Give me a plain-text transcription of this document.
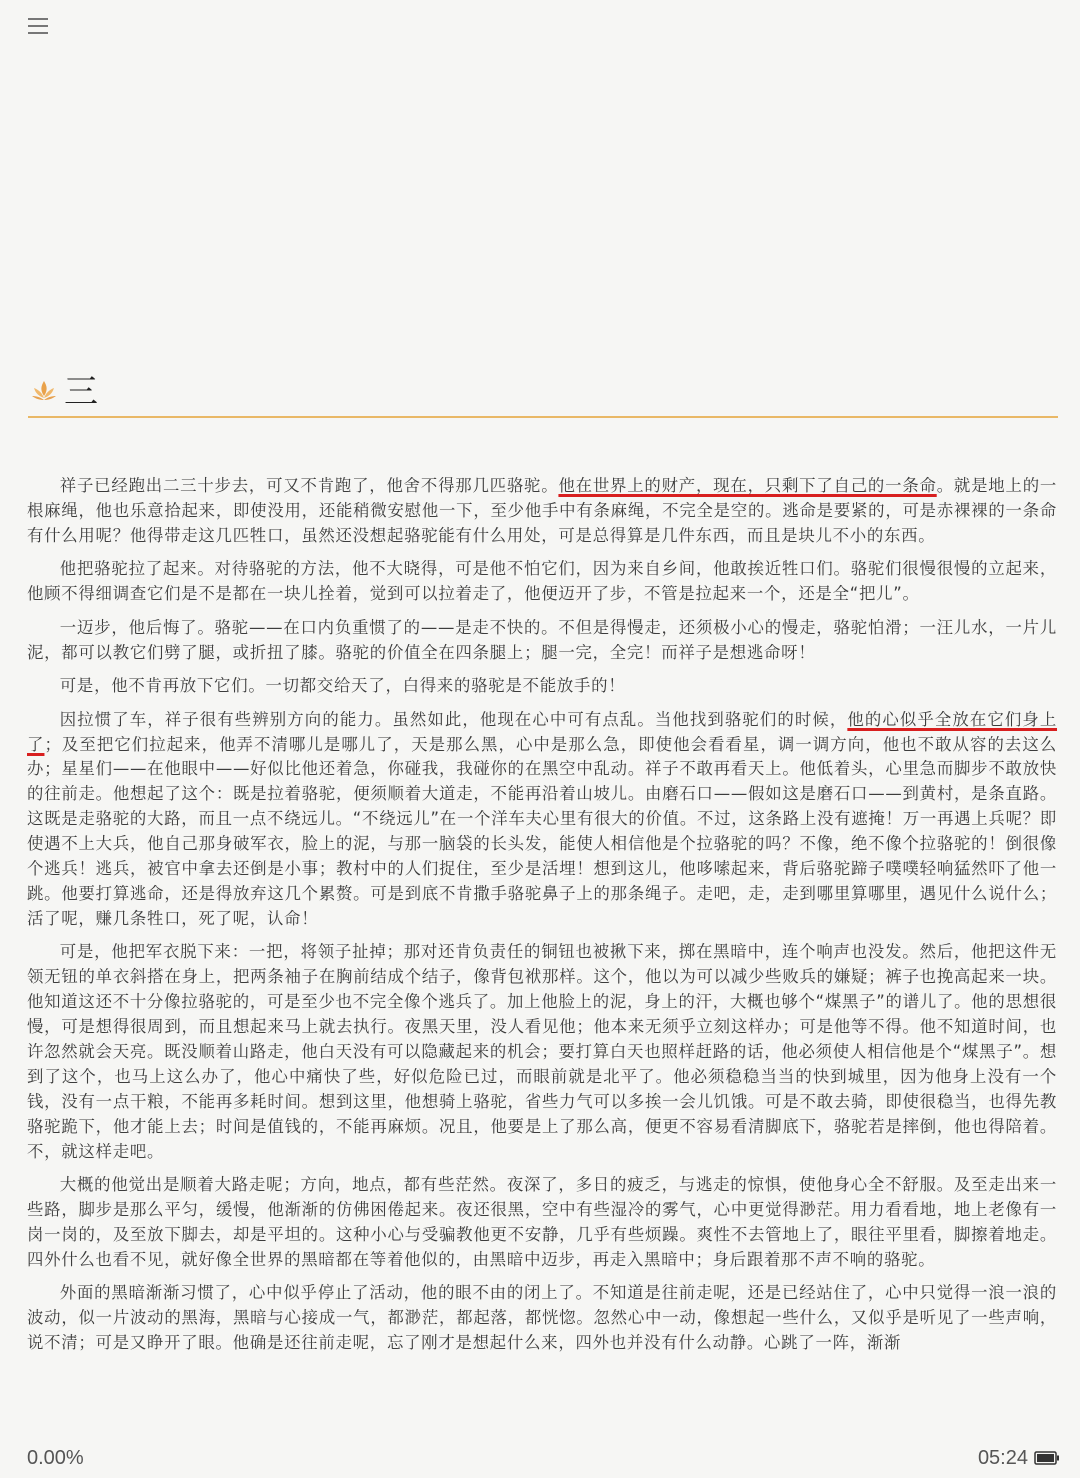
三

祥子已经跑出二三十步去，可又不肯跑了，他舍不得那几匹骆驼。他在世界上的财产，现在，只剩下了自己的一条命。就是地上的一根麻绳，他也乐意拾起来，即使没用，还能稍微安慰他一下，至少他手中有条麻绳，不完全是空的。逃命是要紧的，可是赤裸裸的一条命有什么用呢？他得带走这几匹牲口，虽然还没想起骆驼能有什么用处，可是总得算是几件东西，而且是块儿不小的东西。

他把骆驼拉了起来。对待骆驼的方法，他不大晓得，可是他不怕它们，因为来自乡间，他敢挨近牲口们。骆驼们很慢很慢的立起来，他顾不得细调查它们是不是都在一块儿拴着，觉到可以拉着走了，他便迈开了步，不管是拉起来一个，还是全“把儿”。

一迈步，他后悔了。骆驼——在口内负重惯了的——是走不快的。不但是得慢走，还须极小心的慢走，骆驼怕滑；一汪儿水，一片儿泥，都可以教它们劈了腿，或折扭了膝。骆驼的价值全在四条腿上；腿一完，全完！而祥子是想逃命呀！

可是，他不肯再放下它们。一切都交给天了，白得来的骆驼是不能放手的！

因拉惯了车，祥子很有些辨别方向的能力。虽然如此，他现在心中可有点乱。当他找到骆驼们的时候，他的心似乎全放在它们身上了；及至把它们拉起来，他弄不清哪儿是哪儿了，天是那么黑，心中是那么急，即使他会看看星，调一调方向，他也不敢从容的去这么办；星星们——在他眼中——好似比他还着急，你碰我，我碰你的在黑空中乱动。祥子不敢再看天上。他低着头，心里急而脚步不敢放快的往前走。他想起了这个：既是拉着骆驼，便须顺着大道走，不能再沿着山坡儿。由磨石口——假如这是磨石口——到黄村，是条直路。这既是走骆驼的大路，而且一点不绕远儿。“不绕远儿”在一个洋车夫心里有很大的价值。不过，这条路上没有遮掩！万一再遇上兵呢？即使遇不上大兵，他自己那身破军衣，脸上的泥，与那一脑袋的长头发，能使人相信他是个拉骆驼的吗？不像，绝不像个拉骆驼的！倒很像个逃兵！逃兵，被官中拿去还倒是小事；教村中的人们捉住，至少是活埋！想到这儿，他哆嗦起来，背后骆驼蹄子噗噗轻响猛然吓了他一跳。他要打算逃命，还是得放弃这几个累赘。可是到底不肯撒手骆驼鼻子上的那条绳子。走吧，走，走到哪里算哪里，遇见什么说什么；活了呢，赚几条牲口，死了呢，认命！

可是，他把军衣脱下来：一把，将领子扯掉；那对还肯负责任的铜钮也被揪下来，掷在黑暗中，连个响声也没发。然后，他把这件无领无钮的单衣斜搭在身上，把两条袖子在胸前结成个结子，像背包袱那样。这个，他以为可以减少些败兵的嫌疑；裤子也挽高起来一块。他知道这还不十分像拉骆驼的，可是至少也不完全像个逃兵了。加上他脸上的泥，身上的汗，大概也够个“煤黑子”的谱儿了。他的思想很慢，可是想得很周到，而且想起来马上就去执行。夜黑天里，没人看见他；他本来无须乎立刻这样办；可是他等不得。他不知道时间，也许忽然就会天亮。既没顺着山路走，他白天没有可以隐藏起来的机会；要打算白天也照样赶路的话，他必须使人相信他是个“煤黑子”。想到了这个，也马上这么办了，他心中痛快了些，好似危险已过，而眼前就是北平了。他必须稳稳当当的快到城里，因为他身上没有一个钱，没有一点干粮，不能再多耗时间。想到这里，他想骑上骆驼，省些力气可以多挨一会儿饥饿。可是不敢去骑，即使很稳当，也得先教骆驼跪下，他才能上去；时间是值钱的，不能再麻烦。况且，他要是上了那么高，便更不容易看清脚底下，骆驼若是摔倒，他也得陪着。不，就这样走吧。

大概的他觉出是顺着大路走呢；方向，地点，都有些茫然。夜深了，多日的疲乏，与逃走的惊惧，使他身心全不舒服。及至走出来一些路，脚步是那么平匀，缓慢，他渐渐的仿佛困倦起来。夜还很黑，空中有些湿冷的雾气，心中更觉得渺茫。用力看看地，地上老像有一岗一岗的，及至放下脚去，却是平坦的。这种小心与受骗教他更不安静，几乎有些烦躁。爽性不去管地上了，眼往平里看，脚擦着地走。四外什么也看不见，就好像全世界的黑暗都在等着他似的，由黑暗中迈步，再走入黑暗中；身后跟着那不声不响的骆驼。

外面的黑暗渐渐习惯了，心中似乎停止了活动，他的眼不由的闭上了。不知道是往前走呢，还是已经站住了，心中只觉得一浪一浪的波动，似一片波动的黑海，黑暗与心接成一气，都渺茫，都起落，都恍惚。忽然心中一动，像想起一些什么，又似乎是听见了一些声响，说不清；可是又睁开了眼。他确是还往前走呢，忘了刚才是想起什么来，四外也并没有什么动静。心跳了一阵，渐渐

0.00%	05:24
